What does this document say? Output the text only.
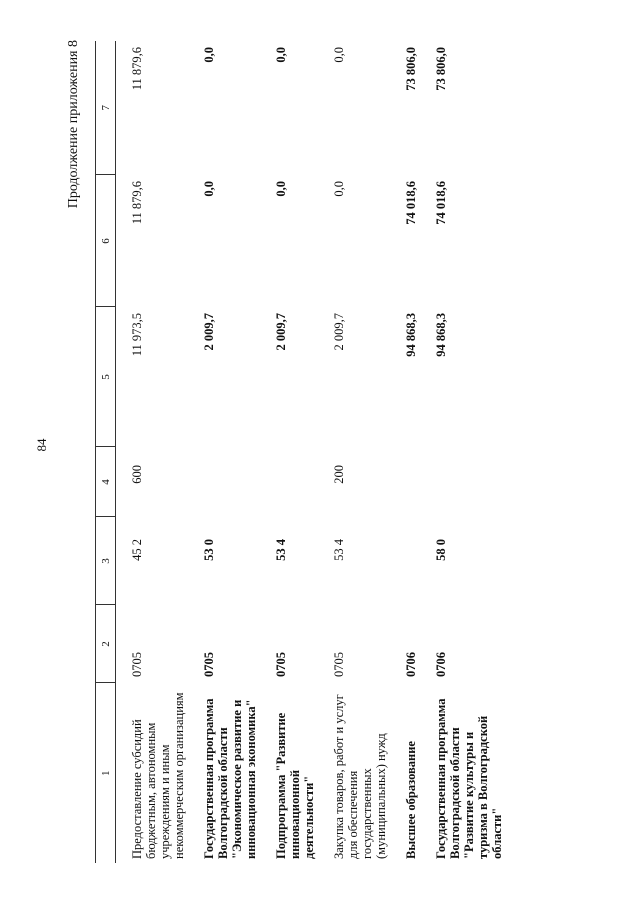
84
Продолжение приложения 8
1	2	3	4	5	6	7
Предоставление субсидий бюджетным, автономным учреждениям и иным некоммерческим организациям	0705	45 2	600	11 973,5	11 879,6	11 879,6
Государственная программа Волгоградской области "Экономическое развитие и инновационная экономика"	0705	53 0		2 009,7	0,0	0,0
Подпрограмма "Развитие инновационной деятельности"	0705	53 4		2 009,7	0,0	0,0
Закупка товаров, работ и услуг для обеспечения государственных (муниципальных) нужд	0705	53 4	200	2 009,7	0,0	0,0
Высшее образование	0706			94 868,3	74 018,6	73 806,0
Государственная программа Волгоградской области "Развитие культуры и туризма в Волгоградской области"	0706	58 0		94 868,3	74 018,6	73 806,0
